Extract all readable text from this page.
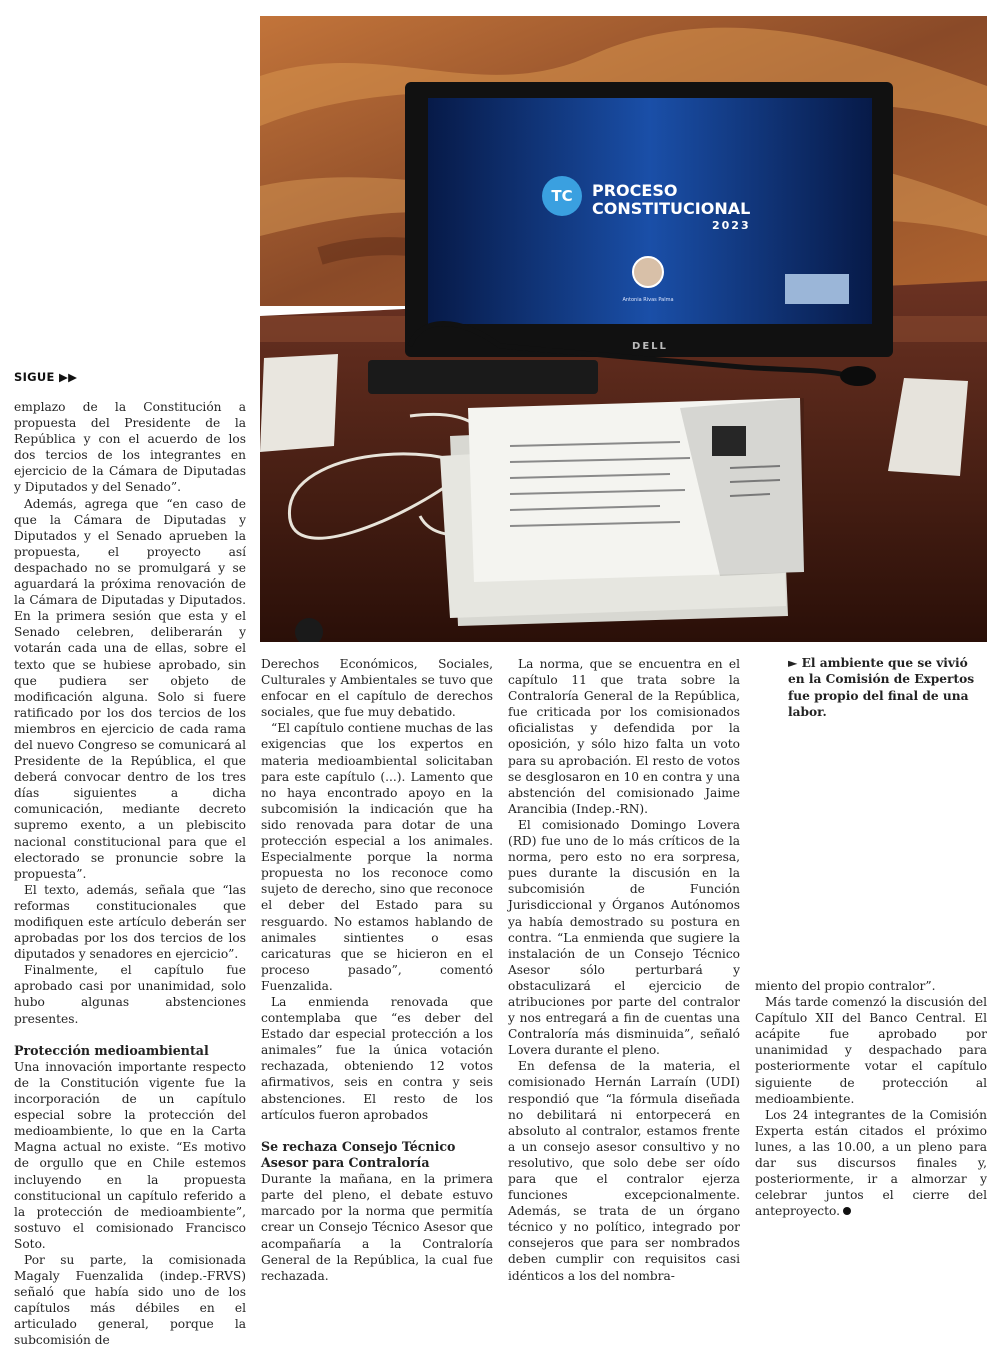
TC PROCESO
CONSTITUCIONAL
2023
Antonia Rivas Palma
DELL
SIGUE ▶▶

emplazo de la Constitución a propuesta del Presidente de la República y con el acuerdo de los dos tercios de los integrantes en ejercicio de la Cámara de Diputadas y Diputados y del Senado”.

Además, agrega que “en caso de que la Cámara de Diputadas y Diputados y el Senado aprueben la propuesta, el proyecto así despachado no se promulgará y se aguardará la próxima renovación de la Cámara de Diputadas y Diputados. En la primera sesión que esta y el Senado celebren, deliberarán y votarán cada una de ellas, sobre el texto que se hubiese aprobado, sin que pudiera ser objeto de modificación alguna. Solo si fuere ratificado por los dos tercios de los miembros en ejercicio de cada rama del nuevo Congreso se comunicará al Presidente de la República, el que deberá convocar dentro de los tres días siguientes a dicha comunicación, mediante decreto supremo exento, a un plebiscito nacional constitucional para que el electorado se pronuncie sobre la propuesta”.

El texto, además, señala que “las reformas constitucionales que modifiquen este artículo deberán ser aprobadas por los dos tercios de los diputados y senadores en ejercicio”.

Finalmente, el capítulo fue aprobado casi por unanimidad, solo hubo algunas abstenciones presentes.

Protección medioambiental

Una innovación importante respecto de la Constitución vigente fue la incorporación de un capítulo especial sobre la protección del medioambiente, lo que en la Carta Magna actual no existe. “Es motivo de orgullo que en Chile estemos incluyendo en la propuesta constitucional un capítulo referido a la protección de medioambiente”, sostuvo el comisionado Francisco Soto.

Por su parte, la comisionada Magaly Fuenzalida (indep.-FRVS) señaló que había sido uno de los capítulos más débiles en el articulado general, porque la subcomisión de

Derechos Económicos, Sociales, Culturales y Ambientales se tuvo que enfocar en el capítulo de derechos sociales, que fue muy debatido.

“El capítulo contiene muchas de las exigencias que los expertos en materia medioambiental solicitaban para este capítulo (...). Lamento que no haya encontrado apoyo en la subcomisión la indicación que ha sido renovada para dotar de una protección especial a los animales. Especialmente porque la norma propuesta no los reconoce como sujeto de derecho, sino que reconoce el deber del Estado para su resguardo. No estamos hablando de animales sintientes o esas caricaturas que se hicieron en el proceso pasado”, comentó Fuenzalida.

La enmienda renovada que contemplaba que “es deber del Estado dar especial protección a los animales” fue la única votación rechazada, obteniendo 12 votos afirmativos, seis en contra y seis abstenciones. El resto de los artículos fueron aprobados

Se rechaza Consejo Técnico Asesor para Contraloría

Durante la mañana, en la primera parte del pleno, el debate estuvo marcado por la norma que permitía crear un Consejo Técnico Asesor que acompañaría a la Contraloría General de la República, la cual fue rechazada.

La norma, que se encuentra en el capítulo 11 que trata sobre la Contraloría General de la República, fue criticada por los comisionados oficialistas y defendida por la oposición, y sólo hizo falta un voto para su aprobación. El resto de votos se desglosaron en 10 en contra y una abstención del comisionado Jaime Arancibia (Indep.-RN).

El comisionado Domingo Lovera (RD) fue uno de lo más críticos de la norma, pero esto no era sorpresa, pues durante la discusión en la subcomisión de Función Jurisdiccional y Órganos Autónomos ya había demostrado su postura en contra. “La enmienda que sugiere la instalación de un Consejo Técnico Asesor sólo perturbará y obstaculizará el ejercicio de atribuciones por parte del contralor y nos entregará a fin de cuentas una Contraloría más disminuida”, señaló Lovera durante el pleno.

En defensa de la materia, el comisionado Hernán Larraín (UDI) respondió que “la fórmula diseñada no debilitará ni entorpecerá en absoluto al contralor, estamos frente a un consejo asesor consultivo y no resolutivo, que solo debe ser oído para que el contralor ejerza funciones excepcionalmente. Además, se trata de un órgano técnico y no político, integrado por consejeros que para ser nombrados deben cumplir con requisitos casi idénticos a los del nombra-

► El ambiente que se vivió en la Comisión de Expertos fue propio del final de una labor.

miento del propio contralor”.

Más tarde comenzó la discusión del Capítulo XII del Banco Central. El acápite fue aprobado por unanimidad y despachado para posteriormente votar el capítulo siguiente de protección al medioambiente.

Los 24 integrantes de la Comisión Experta están citados el próximo lunes, a las 10.00, a un pleno para dar sus discursos finales y, posteriormente, ir a almorzar y celebrar juntos el cierre del anteproyecto.
